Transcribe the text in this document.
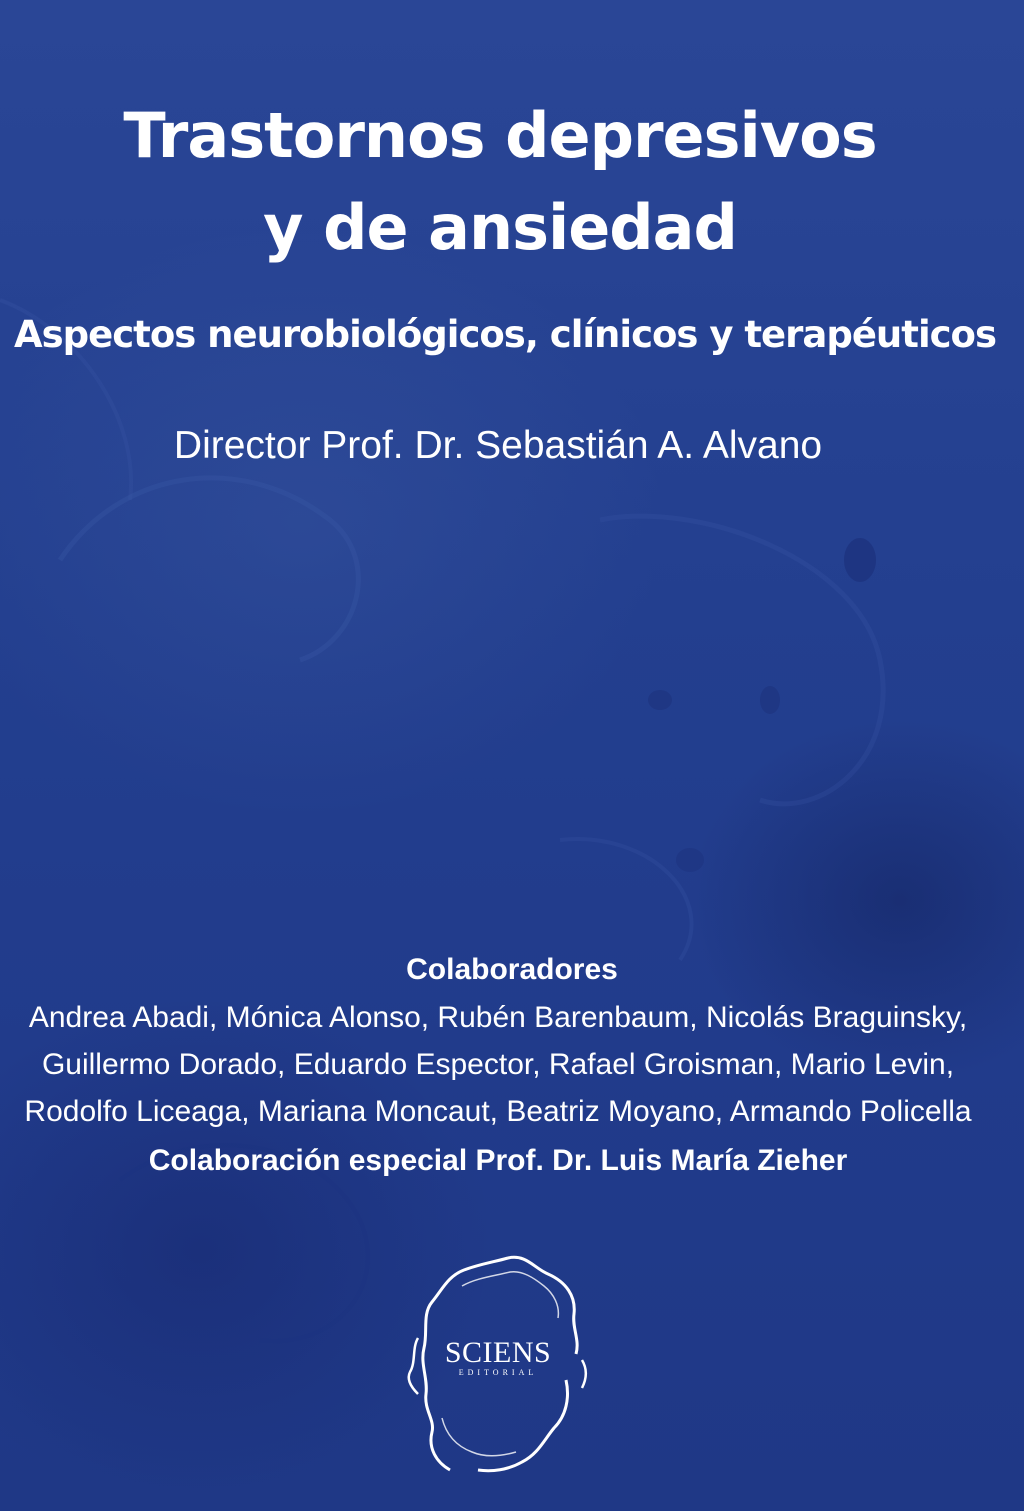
Trastornos depresivos
y de ansiedad
Aspectos neurobiológicos, clínicos y terapéuticos
Director Prof. Dr. Sebastián A. Alvano
Colaboradores
Andrea Abadi, Mónica Alonso, Rubén Barenbaum, Nicolás Braguinsky,
Guillermo Dorado, Eduardo Espector, Rafael Groisman, Mario Levin,
Rodolfo Liceaga, Mariana Moncaut, Beatriz Moyano, Armando Policella
Colaboración especial Prof. Dr. Luis María Zieher
SCIENS
EDITORIAL
